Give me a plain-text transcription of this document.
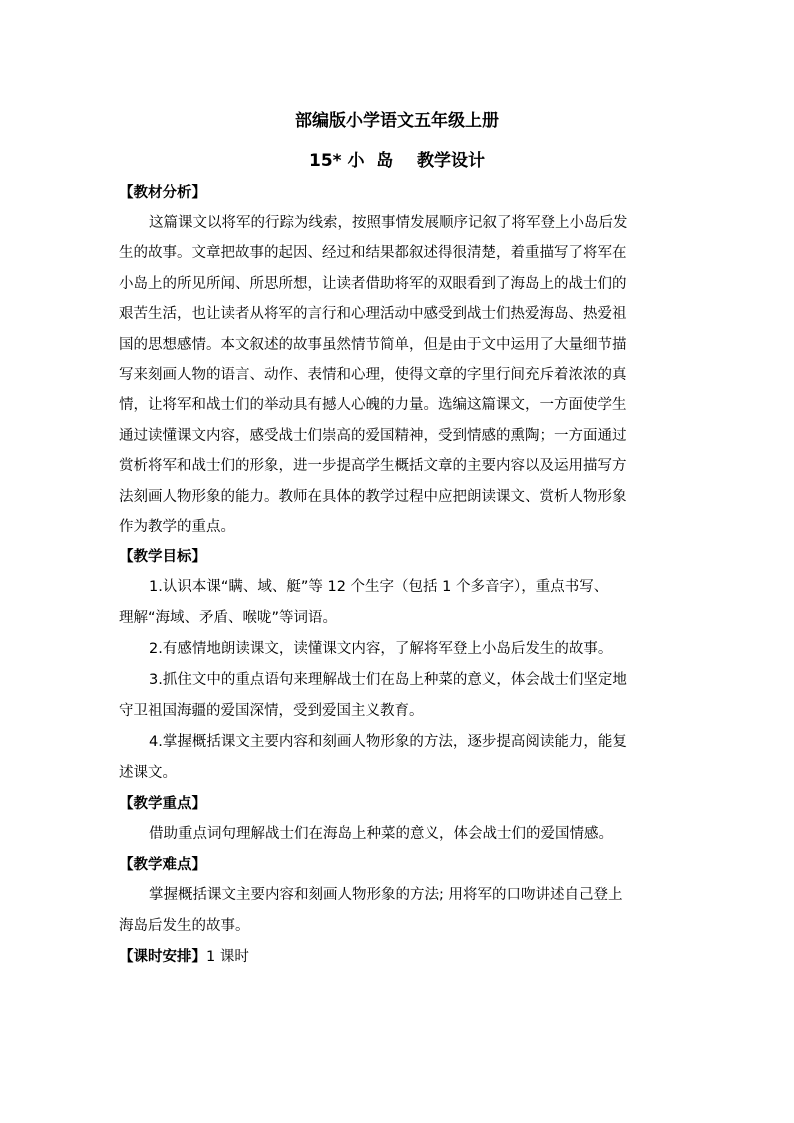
部编版小学语文五年级上册
15* 小  岛    教学设计
【教材分析】
这篇课文以将军的行踪为线索，按照事情发展顺序记叙了将军登上小岛后发
生的故事。文章把故事的起因、经过和结果都叙述得很清楚，着重描写了将军在
小岛上的所见所闻、所思所想，让读者借助将军的双眼看到了海岛上的战士们的
艰苦生活，也让读者从将军的言行和心理活动中感受到战士们热爱海岛、热爱祖
国的思想感情。本文叙述的故事虽然情节简单，但是由于文中运用了大量细节描
写来刻画人物的语言、动作、表情和心理，使得文章的字里行间充斥着浓浓的真
情，让将军和战士们的举动具有撼人心魄的力量。选编这篇课文，一方面使学生
通过读懂课文内容，感受战士们崇高的爱国精神，受到情感的熏陶；一方面通过
赏析将军和战士们的形象，进一步提高学生概括文章的主要内容以及运用描写方
法刻画人物形象的能力。教师在具体的教学过程中应把朗读课文、赏析人物形象
作为教学的重点。
【教学目标】
1.认识本课“瞒、域、艇”等 12 个生字（包括 1 个多音字），重点书写、
理解“海域、矛盾、喉咙”等词语。
2.有感情地朗读课文，读懂课文内容，了解将军登上小岛后发生的故事。
3.抓住文中的重点语句来理解战士们在岛上种菜的意义，体会战士们坚定地
守卫祖国海疆的爱国深情，受到爱国主义教育。
4.掌握概括课文主要内容和刻画人物形象的方法，逐步提高阅读能力，能复
述课文。
【教学重点】
借助重点词句理解战士们在海岛上种菜的意义，体会战士们的爱国情感。
【教学难点】
掌握概括课文主要内容和刻画人物形象的方法; 用将军的口吻讲述自己登上
海岛后发生的故事。
【课时安排】1 课时
